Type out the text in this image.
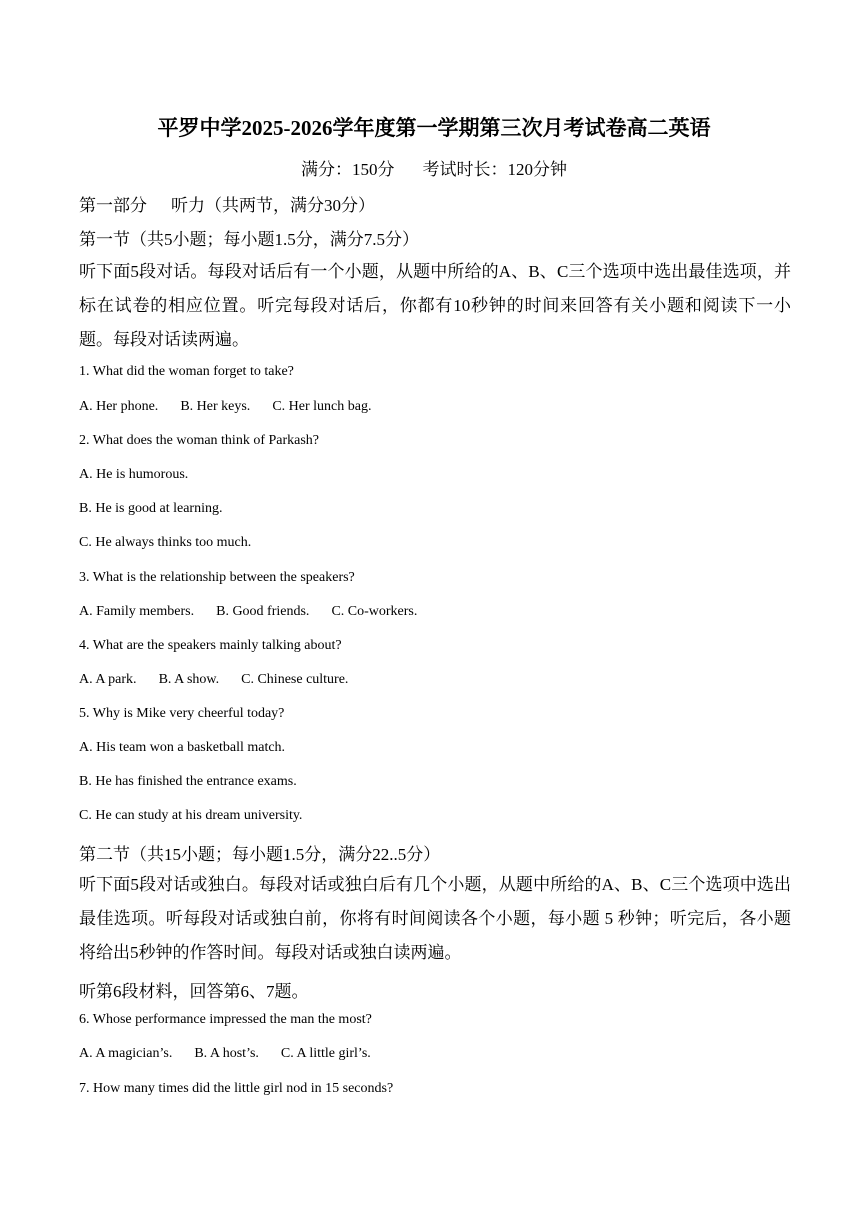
平罗中学2025-2026学年度第一学期第三次月考试卷高二英语
满分：150分 考试时长：120分钟
第一部分 听力（共两节，满分30分）
第一节（共5小题；每小题1.5分，满分7.5分）
听下面5段对话。每段对话后有一个小题，从题中所给的A、B、C三个选项中选出最佳选项，并标在试卷的相应位置。听完每段对话后，你都有10秒钟的时间来回答有关小题和阅读下一小题。每段对话读两遍。
1. What did the woman forget to take?
A. Her phone. B. Her keys. C. Her lunch bag.
2. What does the woman think of Parkash?
A. He is humorous.
B. He is good at learning.
C. He always thinks too much.
3. What is the relationship between the speakers?
A. Family members. B. Good friends. C. Co-workers.
4. What are the speakers mainly talking about?
A. A park. B. A show. C. Chinese culture.
5. Why is Mike very cheerful today?
A. His team won a basketball match.
B. He has finished the entrance exams.
C. He can study at his dream university.
第二节（共15小题；每小题1.5分，满分22..5分）
听下面5段对话或独白。每段对话或独白后有几个小题，从题中所给的A、B、C三个选项中选出最佳选项。听每段对话或独白前，你将有时间阅读各个小题，每小题 5 秒钟；听完后，各小题将给出5秒钟的作答时间。每段对话或独白读两遍。
听第6段材料，回答第6、7题。
6. Whose performance impressed the man the most?
A. A magician’s. B. A host’s. C. A little girl’s.
7. How many times did the little girl nod in 15 seconds?
